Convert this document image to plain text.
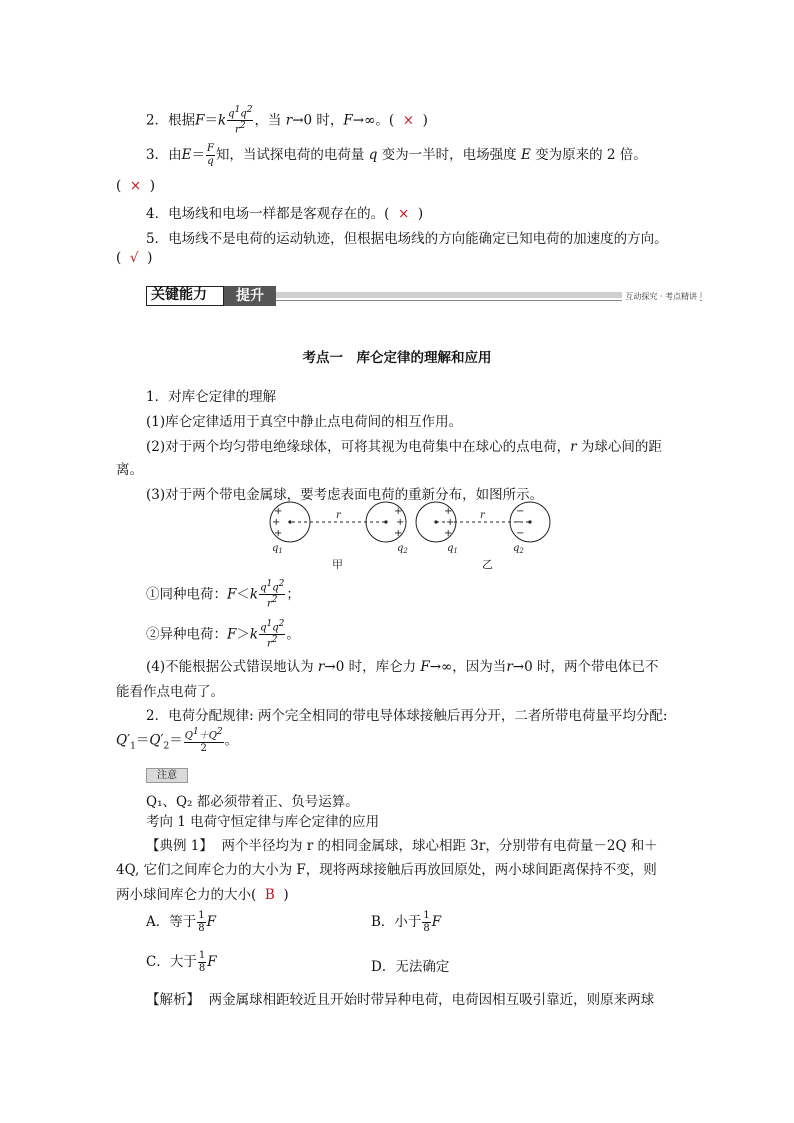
2．根据$F=k \frac{q^1q^2}{r^2}$ ，当 r→0 时，F→∞。( × )
3．由$E= \frac{F}{q}$ 知，当试探电荷的电荷量 q 变为一半时，电场强度 E 变为原来的 2 倍。
( × )
4．电场线和电场一样都是客观存在的。( × )
5．电场线不是电荷的运动轨迹，但根据电场线的方向能确定已知电荷的加速度的方向。
( √ )
关键能力	提升	互动探究 · 考点精讲
考点一　库仑定律的理解和应用
1．对库仑定律的理解
(1)库仑定律适用于真空中静止点电荷间的相互作用。
(2)对于两个均匀带电绝缘球体，可将其视为电荷集中在球心的点电荷，r 为球心间的距
离。
(3)对于两个带电金属球，要考虑表面电荷的重新分布，如图所示。
+
+
+
+
+
+
+
+
+
−
−
−
r	r
$q_1$	$q_2$	$q_1$	$q_2$
甲	乙
①同种电荷：$F<k \frac{q^1q^2}{r^2}$ ；
②异种电荷：$F>k \frac{q^1q^2}{r^2}$ 。
(4)不能根据公式错误地认为 r→0 时，库仑力 F→∞，因为当r→0 时，两个带电体已不
能看作点电荷了。
2．电荷分配规律: 两个完全相同的带电导体球接触后再分开，二者所带电荷量平均分配:
$Q'_1=Q'_2= \frac{Q^1+Q^2}{2}$ 。
注意
Q₁、Q₂ 都必须带着正、负号运算。
考向 1 电荷守恒定律与库仑定律的应用
【典例 1】 两个半径均为 r 的相同金属球，球心相距 3r，分别带有电荷量－2Q 和＋
4Q, 它们之间库仑力的大小为 F，现将两球接触后再放回原处，两小球间距离保持不变，则
两小球间库仑力的大小( B )
A．等于 $\frac{1}{8}$ F	B．小于 $\frac{1}{8}$ F
C．大于 $\frac{1}{8}$ F	D．无法确定
【解析】 两金属球相距较近且开始时带异种电荷，电荷因相互吸引靠近，则原来两球
